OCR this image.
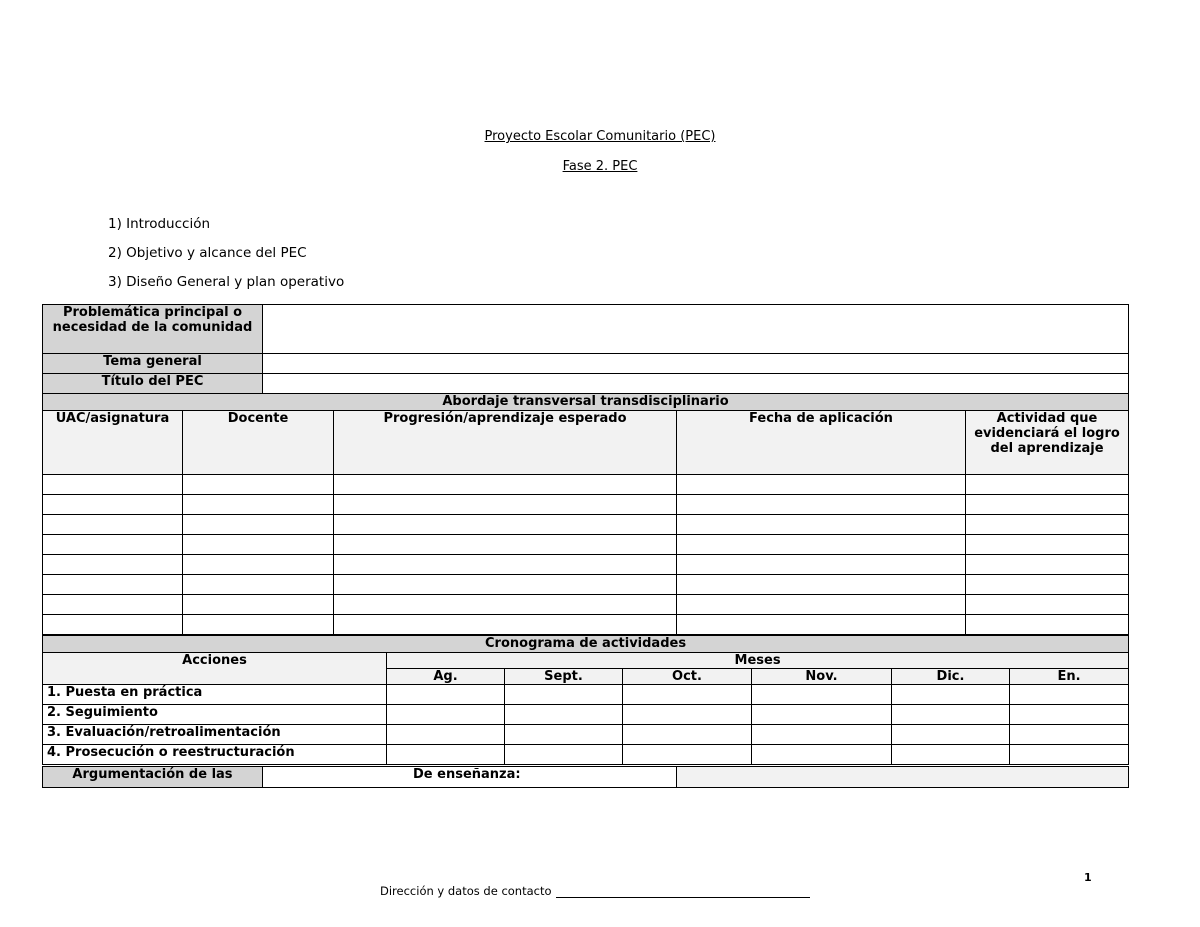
Proyecto Escolar Comunitario (PEC)
Fase 2. PEC
1) Introducción
2) Objetivo y alcance del PEC
3) Diseño General y plan operativo
Problemática principal o necesidad de la comunidad					
Tema general					
Título del PEC					
Abordaje transversal transdisciplinario					
UAC/asignatura	Docente		Progresión/aprendizaje esperado	Fecha de aplicación	Actividad que evidenciará el logro del aprendizaje

Cronograma de actividades						
Acciones	Meses					
	Ag.	Sept.	Oct.	Nov.	Dic.	En.
1. Puesta en práctica						
2. Seguimiento						
3. Evaluación/retroalimentación						
4. Prosecución o reestructuración						
Argumentación de las	De enseñanza:	
1
Dirección y datos de contacto
